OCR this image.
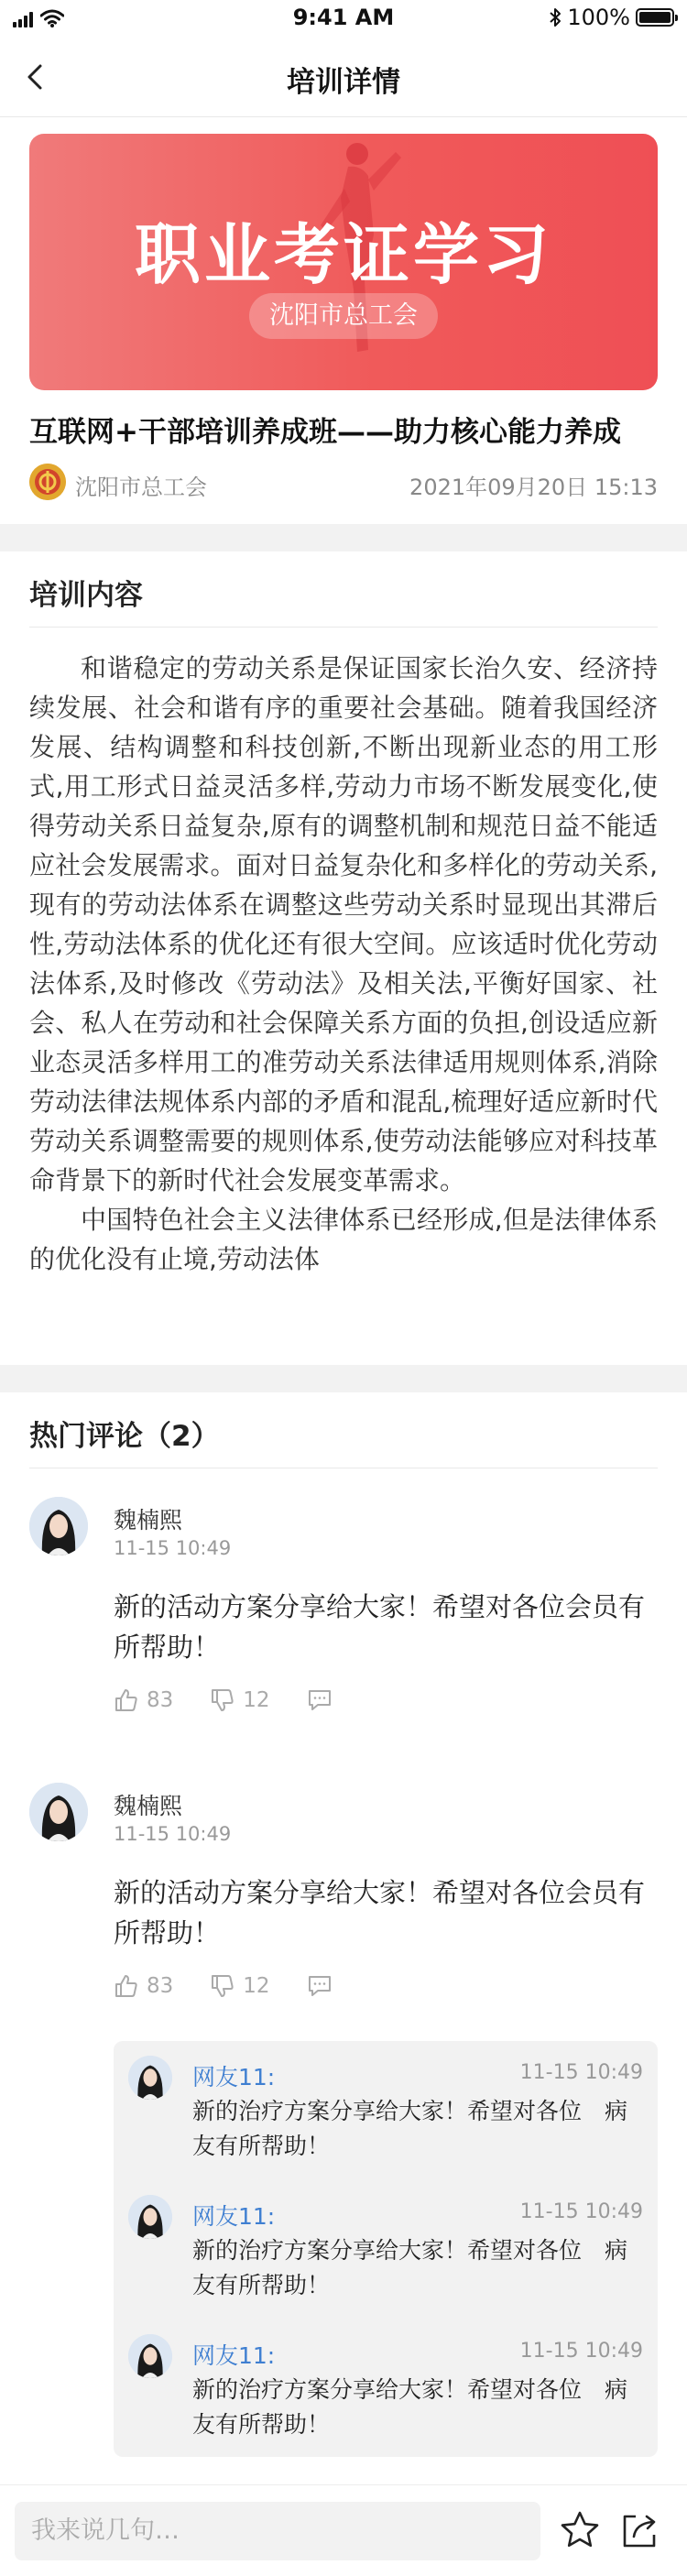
9:41 AM	100%
培训详情
职业考证学习
沈阳市总工会
互联网+干部培训养成班——助力核心能力养成
沈阳市总工会	2021年09月20日 15:13
培训内容

和谐稳定的劳动关系是保证国家长治久安、经济持续发展、社会和谐有序的重要社会基础。随着我国经济发展、结构调整和科技创新,不断出现新业态的用工形式,用工形式日益灵活多样,劳动力市场不断发展变化,使得劳动关系日益复杂,原有的调整机制和规范日益不能适应社会发展需求。面对日益复杂化和多样化的劳动关系,现有的劳动法体系在调整这些劳动关系时显现出其滞后性,劳动法体系的优化还有很大空间。应该适时优化劳动法体系,及时修改《劳动法》及相关法,平衡好国家、社会、私人在劳动和社会保障关系方面的负担,创设适应新业态灵活多样用工的准劳动关系法律适用规则体系,消除劳动法律法规体系内部的矛盾和混乱,梳理好适应新时代劳动关系调整需要的规则体系,使劳动法能够应对科技革命背景下的新时代社会发展变革需求。

中国特色社会主义法律体系已经形成,但是法律体系的优化没有止境,劳动法体

热门评论（2）
魏楠熙
11-15 10:49
新的活动方案分享给大家！希望对各位会员有所帮助！
83	12
魏楠熙
11-15 10:49
新的活动方案分享给大家！希望对各位会员有所帮助！
83	12
网友11:	11-15 10:49
新的治疗方案分享给大家！希望对各位　病友有所帮助！
网友11:	11-15 10:49
新的治疗方案分享给大家！希望对各位　病友有所帮助！
网友11:	11-15 10:49
新的治疗方案分享给大家！希望对各位　病友有所帮助！
我来说几句…
